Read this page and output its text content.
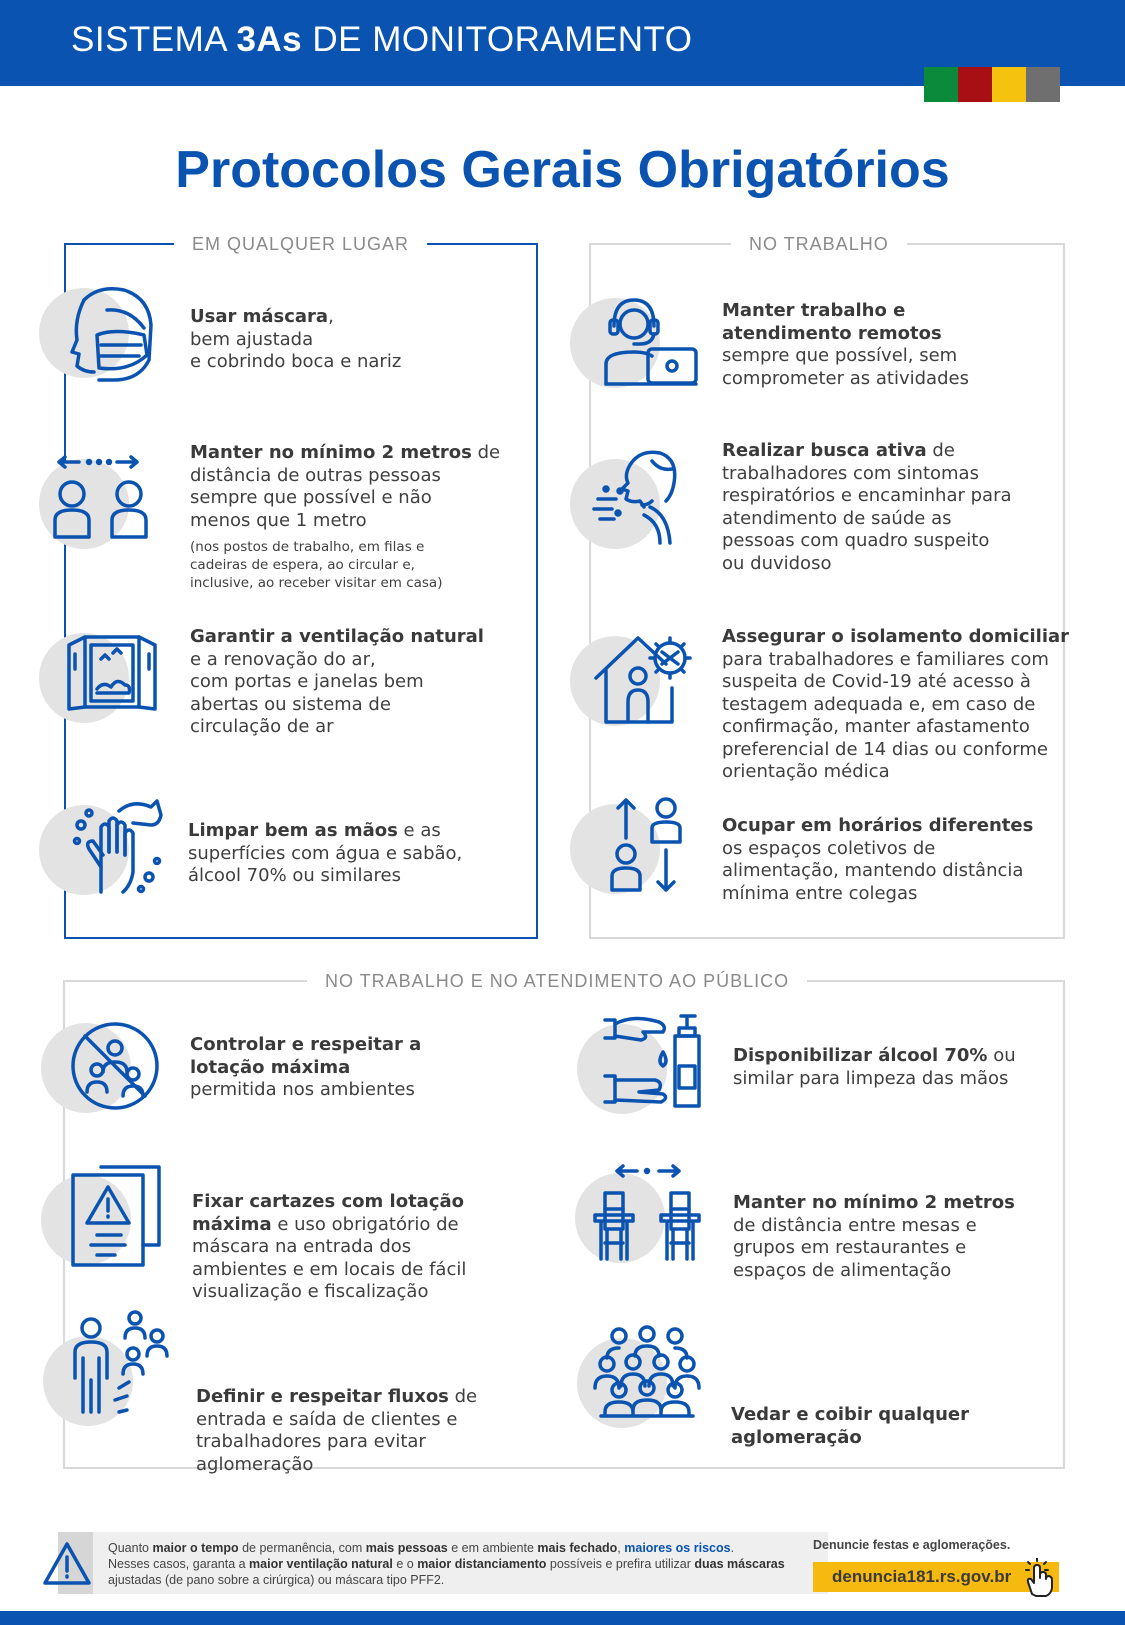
SISTEMA 3As DE MONITORAMENTO
Protocolos Gerais Obrigatórios
EM QUALQUER LUGAR	NO TRABALHO
NO TRABALHO E NO ATENDIMENTO AO PÚBLICO
Usar máscara,
bem ajustada
e cobrindo boca e nariz
Manter no mínimo 2 metros de
distância de outras pessoas
sempre que possível e não
menos que 1 metro
(nos postos de trabalho, em filas e
cadeiras de espera, ao circular e,
inclusive, ao receber visitar em casa)
Garantir a ventilação natural
e a renovação do ar,
com portas e janelas bem
abertas ou sistema de
circulação de ar
Limpar bem as mãos e as
superfícies com água e sabão,
álcool 70% ou similares
Manter trabalho e
atendimento remotos
sempre que possível, sem
comprometer as atividades
Realizar busca ativa de
trabalhadores com sintomas
respiratórios e encaminhar para
atendimento de saúde as
pessoas com quadro suspeito
ou duvidoso
Assegurar o isolamento domiciliar
para trabalhadores e familiares com
suspeita de Covid-19 até acesso à
testagem adequada e, em caso de
confirmação, manter afastamento
preferencial de 14 dias ou conforme
orientação médica
Ocupar em horários diferentes
os espaços coletivos de
alimentação, mantendo distância
mínima entre colegas
Controlar e respeitar a
lotação máxima
permitida nos ambientes
Disponibilizar álcool 70% ou
similar para limpeza das mãos
Fixar cartazes com lotação
máxima e uso obrigatório de
máscara na entrada dos
ambientes e em locais de fácil
visualização e fiscalização
Manter no mínimo 2 metros
de distância entre mesas e
grupos em restaurantes e
espaços de alimentação
Definir e respeitar fluxos de
entrada e saída de clientes e
trabalhadores para evitar
aglomeração
Vedar e coibir qualquer
aglomeração
Quanto maior o tempo de permanência, com mais pessoas e em ambiente mais fechado, maiores os riscos.
Nesses casos, garanta a maior ventilação natural e o maior distanciamento possíveis e prefira utilizar duas máscaras ajustadas (de pano sobre a cirúrgica) ou máscara tipo PFF2.
Denuncie festas e aglomerações.
denuncia181.rs.gov.br
